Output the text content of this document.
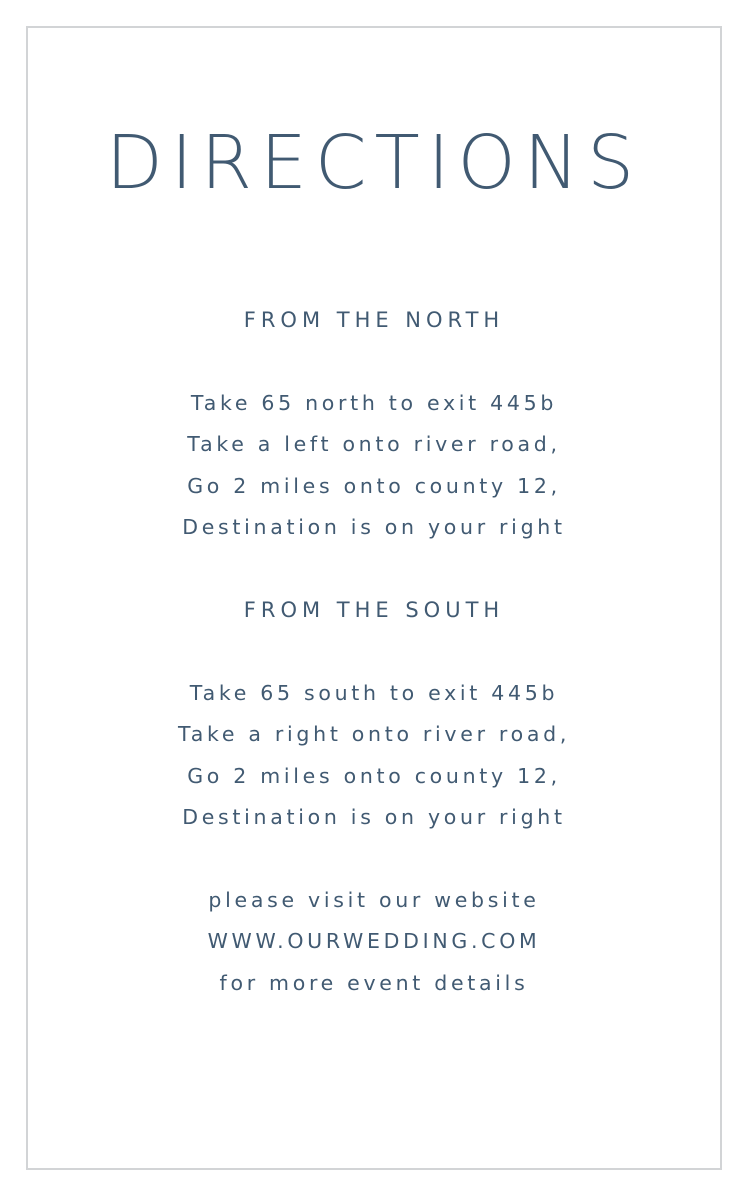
DIRECTIONS
FROM THE NORTH
Take 65 north to exit 445b
Take a left onto river road,
Go 2 miles onto county 12,
Destination is on your right
FROM THE SOUTH
Take 65 south to exit 445b
Take a right onto river road,
Go 2 miles onto county 12,
Destination is on your right
please visit our website
WWW.OURWEDDING.COM
for more event details
